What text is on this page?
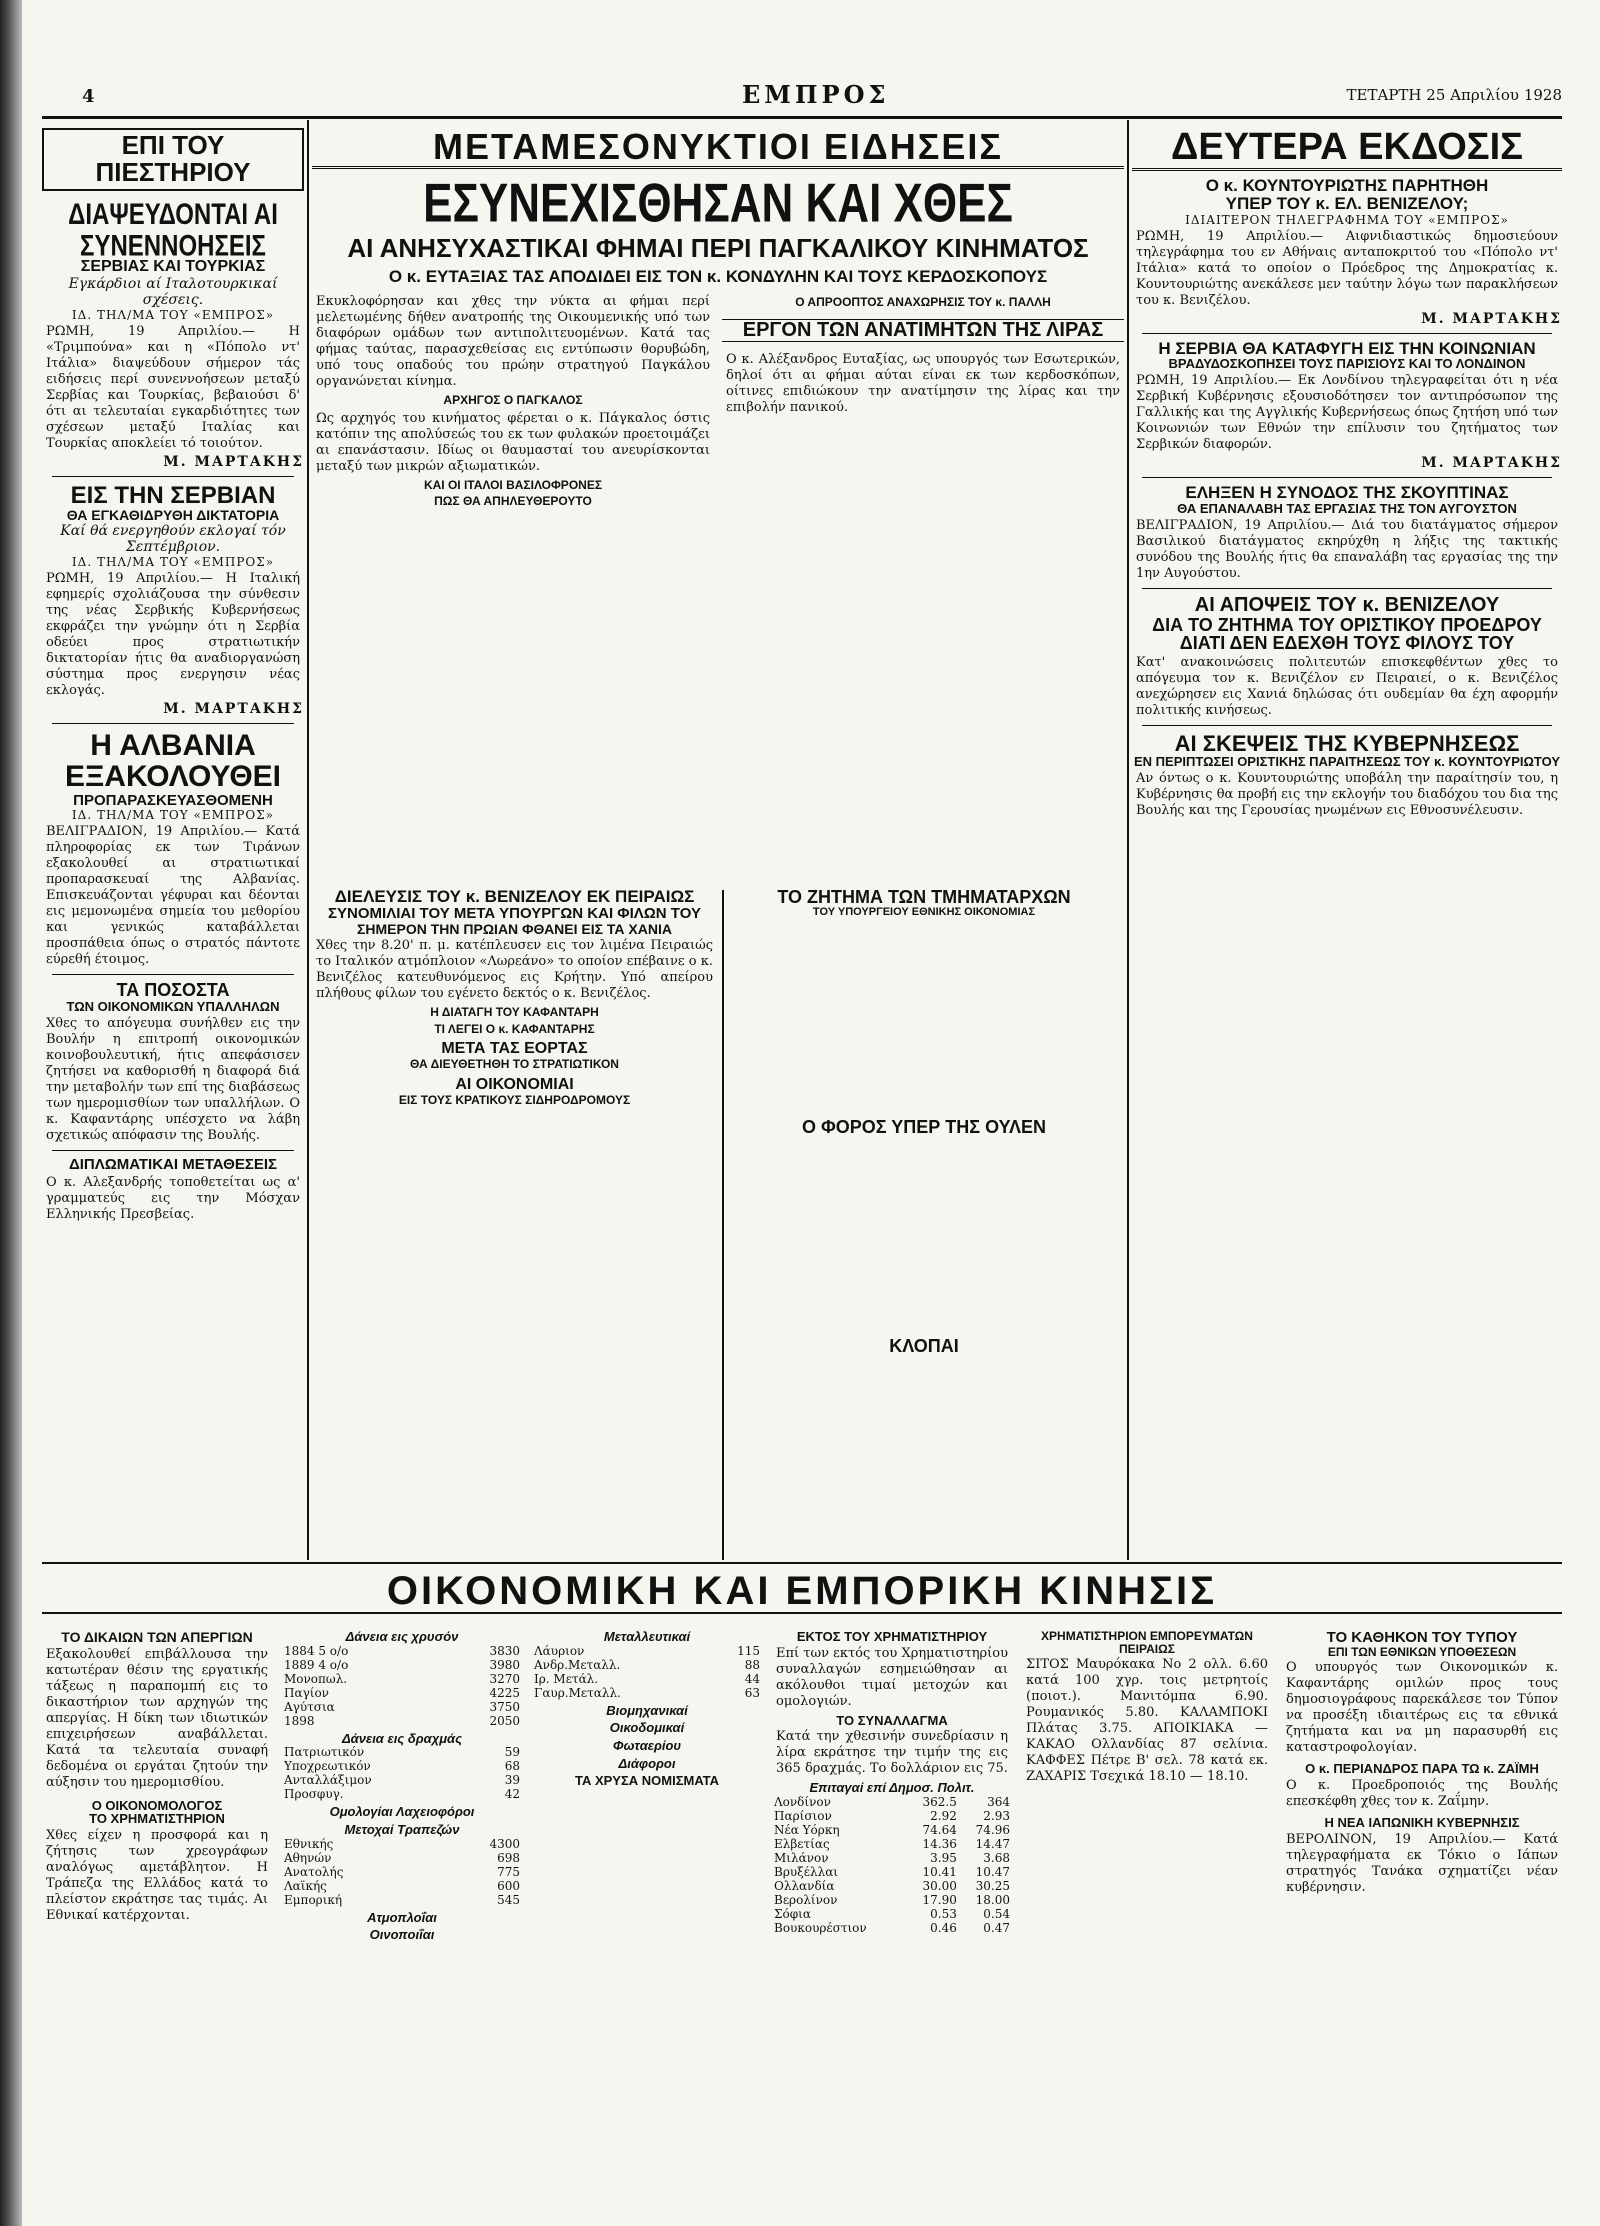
4	ΕΜΠΡΟΣ	ΤΕΤΑΡΤΗ 25 Απριλίου 1928
ΕΠΙ ΤΟΥ ΠΙΕΣΤΗΡΙΟΥ
ΔΙΑΨΕΥΔΟΝΤΑΙ ΑΙ ΣΥΝΕΝΝΟΗΣΕΙΣ
ΣΕΡΒΙΑΣ ΚΑΙ ΤΟΥΡΚΙΑΣ
Εγκάρδιοι αί Ιταλοτουρκικαί σχέσεις.
ΙΔ. ΤΗΛ/ΜΑ ΤΟΥ «ΕΜΠΡΟΣ»
ΡΩΜΗ, 19 Απριλίου.— Η «Τριμπούνα» και η «Πόπολο ντ' Ιτάλια» διαψεύδουν σήμερον τάς ειδήσεις περί συνεννοήσεων μεταξύ Σερβίας και Τουρκίας, βεβαιούσι δ' ότι αι τελευταίαι εγκαρδιότητες των σχέσεων μεταξύ Ιταλίας και Τουρκίας αποκλείει τό τοιούτον.
Μ. ΜΑΡΤΑΚΗΣ
ΕΙΣ ΤΗΝ ΣΕΡΒΙΑΝ
ΘΑ ΕΓΚΑΘΙΔΡΥΘΗ ΔΙΚΤΑΤΟΡΙΑ
Καί θά ενεργηθούν εκλογαί τόν Σεπτέμβριον.
ΙΔ. ΤΗΛ/ΜΑ ΤΟΥ «ΕΜΠΡΟΣ»
ΡΩΜΗ, 19 Απριλίου.— Η Ιταλική εφημερίς σχολιάζουσα την σύνθεσιν της νέας Σερβικής Κυβερνήσεως εκφράζει την γνώμην ότι η Σερβία οδεύει προς στρατιωτικήν δικτατορίαν ήτις θα αναδιοργανώση σύστημα προς ενεργησιν νέας εκλογάς.
Μ. ΜΑΡΤΑΚΗΣ
Η ΑΛΒΑΝΙΑ ΕΞΑΚΟΛΟΥΘΕΙ
ΠΡΟΠΑΡΑΣΚΕΥΑΣΘΟΜΕΝΗ
ΙΔ. ΤΗΛ/ΜΑ ΤΟΥ «ΕΜΠΡΟΣ»
ΒΕΛΙΓΡΑΔΙΟΝ, 19 Απριλίου.— Κατά πληροφορίας εκ των Τιράνων εξακολουθεί αι στρατιωτικαί προπαρασκευαί της Αλβανίας. Επισκευάζονται γέφυραι και δέονται εις μεμονωμένα σημεία του μεθορίου και γενικώς καταβάλλεται προσπάθεια όπως ο στρατός πάντοτε εύρεθή έτοιμος.
ΤΑ ΠΟΣΟΣΤΑ
ΤΩΝ ΟΙΚΟΝΟΜΙΚΩΝ ΥΠΑΛΛΗΛΩΝ
Χθες το απόγευμα συνήλθεν εις την Βουλήν η επιτροπή οικονομικών κοινοβουλευτική, ήτις απεφάσισεν ζητήσει να καθορισθή η διαφορά διά την μεταβολήν των επί της διαβάσεως των ημερομισθίων των υπαλλήλων. Ο κ. Καφαντάρης υπέσχετο να λάβη σχετικώς απόφασιν της Βουλής.
ΔΙΠΛΩΜΑΤΙΚΑΙ ΜΕΤΑΘΕΣΕΙΣ
Ο κ. Αλεξανδρής τοποθετείται ως α' γραμματεύς εις την Μόσχαν Ελληνικής Πρεσβείας.
ΜΕΤΑΜΕΣΟΝΥΚΤΙΟΙ ΕΙΔΗΣΕΙΣ
ΕΣΥΝΕΧΙΣΘΗΣΑΝ ΚΑΙ ΧΘΕΣ
ΑΙ ΑΝΗΣΥΧΑΣΤΙΚΑΙ ΦΗΜΑΙ ΠΕΡΙ ΠΑΓΚΑΛΙΚΟΥ ΚΙΝΗΜΑΤΟΣ
Ο κ. ΕΥΤΑΞΙΑΣ ΤΑΣ ΑΠΟΔΙΔΕΙ ΕΙΣ ΤΟΝ κ. ΚΟΝΔΥΛΗΝ ΚΑΙ ΤΟΥΣ ΚΕΡΔΟΣΚΟΠΟΥΣ
Εκυκλοφόρησαν και χθες την νύκτα αι φήμαι περί μελετωμένης δήθεν ανατροπής της Οικουμενικής υπό των διαφόρων ομάδων των αντιπολιτευομένων. Κατά τας φήμας ταύτας, παρασχεθείσας εις εντύπωσιν θορυβώδη, υπό τους οπαδούς του πρώην στρατηγού Παγκάλου οργανώνεται κίνημα.
ΑΡΧΗΓΟΣ Ο ΠΑΓΚΑΛΟΣ
Ως αρχηγός του κινήματος φέρεται ο κ. Πάγκαλος όστις κατόπιν της απολύσεώς του εκ των φυλακών προετοιμάζει αι επανάστασιν. Ιδίως οι θαυμασταί του ανευρίσκονται μεταξύ των μικρών αξιωματικών.
ΚΑΙ ΟΙ ΙΤΑΛΟΙ ΒΑΣΙΛΟΦΡΟΝΕΣ
ΠΩΣ ΘΑ ΑΠΗΛΕΥΘΕΡΟΥΤΟ
Ο ΑΠΡΟΟΠΤΟΣ ΑΝΑΧΩΡΗΣΙΣ ΤΟΥ κ. ΠΑΛΛΗ
ΕΡΓΟΝ ΤΩΝ ΑΝΑΤΙΜΗΤΩΝ ΤΗΣ ΛΙΡΑΣ
Ο κ. Αλέξανδρος Ευταξίας, ως υπουργός των Εσωτερικών, δηλοί ότι αι φήμαι αύται είναι εκ των κερδοσκόπων, οίτινες επιδιώκουν την ανατίμησιν της λίρας και την επιβολήν πανικού.
ΔΙΕΛΕΥΣΙΣ ΤΟΥ κ. ΒΕΝΙΖΕΛΟΥ ΕΚ ΠΕΙΡΑΙΩΣ
ΣΥΝΟΜΙΛΙΑΙ ΤΟΥ ΜΕΤΑ ΥΠΟΥΡΓΩΝ ΚΑΙ ΦΙΛΩΝ ΤΟΥ
ΣΗΜΕΡΟΝ ΤΗΝ ΠΡΩΙΑΝ ΦΘΑΝΕΙ ΕΙΣ ΤΑ ΧΑΝΙΑ
Χθες την 8.20' π. μ. κατέπλευσεν εις τον λιμένα Πειραιώς το Ιταλικόν ατμόπλοιον «Λωρεάνο» το οποίον επέβαινε ο κ. Βενιζέλος κατευθυνόμενος εις Κρήτην. Υπό απείρου πλήθους φίλων του εγένετο δεκτός ο κ. Βενιζέλος.
Η ΔΙΑΤΑΓΗ ΤΟΥ ΚΑΦΑΝΤΑΡΗ
ΤΙ ΛΕΓΕΙ Ο κ. ΚΑΦΑΝΤΑΡΗΣ
ΜΕΤΑ ΤΑΣ ΕΟΡΤΑΣ
ΘΑ ΔΙΕΥΘΕΤΗΘΗ ΤΟ ΣΤΡΑΤΙΩΤΙΚΟΝ
ΑΙ ΟΙΚΟΝΟΜΙΑΙ
ΕΙΣ ΤΟΥΣ ΚΡΑΤΙΚΟΥΣ ΣΙΔΗΡΟΔΡΟΜΟΥΣ
ΤΟ ΖΗΤΗΜΑ ΤΩΝ ΤΜΗΜΑΤΑΡΧΩΝ
ΤΟΥ ΥΠΟΥΡΓΕΙΟΥ ΕΘΝΙΚΗΣ ΟΙΚΟΝΟΜΙΑΣ
Ο ΦΟΡΟΣ ΥΠΕΡ ΤΗΣ ΟΥΛΕΝ
ΚΛΟΠΑΙ
ΔΕΥΤΕΡΑ ΕΚΔΟΣΙΣ
Ο κ. ΚΟΥΝΤΟΥΡΙΩΤΗΣ ΠΑΡΗΤΗΘΗ
ΥΠΕΡ ΤΟΥ κ. ΕΛ. ΒΕΝΙΖΕΛΟΥ;
ΙΔΙΑΙΤΕΡΟΝ ΤΗΛΕΓΡΑΦΗΜΑ ΤΟΥ «ΕΜΠΡΟΣ»
ΡΩΜΗ, 19 Απριλίου.— Αιφνιδιαστικώς δημοσιεύουν τηλεγράφημα του εν Αθήναις ανταποκριτού του «Πόπολο ντ' Ιτάλια» κατά το οποίον ο Πρόεδρος της Δημοκρατίας κ. Κουντουριώτης ανεκάλεσε μεν ταύτην λόγω των παρακλήσεων του κ. Βενιζέλου.
Μ. ΜΑΡΤΑΚΗΣ
Η ΣΕΡΒΙΑ ΘΑ ΚΑΤΑΦΥΓΗ ΕΙΣ ΤΗΝ ΚΟΙΝΩΝΙΑΝ
ΒΡΑΔΥΔΟΣΚΟΠΗΣΕΙ ΤΟΥΣ ΠΑΡΙΣΙΟΥΣ ΚΑΙ ΤΟ ΛΟΝΔΙΝΟΝ
ΡΩΜΗ, 19 Απριλίου.— Εκ Λονδίνου τηλεγραφείται ότι η νέα Σερβική Κυβέρνησις εξουσιοδότησεν τον αντιπρόσωπον της Γαλλικής και της Αγγλικής Κυβερνήσεως όπως ζητήση υπό των Κοινωνιών των Εθνών την επίλυσιν του ζητήματος των Σερβικών διαφορών.
Μ. ΜΑΡΤΑΚΗΣ
ΕΛΗΞΕΝ Η ΣΥΝΟΔΟΣ ΤΗΣ ΣΚΟΥΠΤΙΝΑΣ
ΘΑ ΕΠΑΝΑΛΑΒΗ ΤΑΣ ΕΡΓΑΣΙΑΣ ΤΗΣ ΤΟΝ ΑΥΓΟΥΣΤΟΝ
ΒΕΛΙΓΡΑΔΙΟΝ, 19 Απριλίου.— Διά του διατάγματος σήμερον Βασιλικού διατάγματος εκηρύχθη η λήξις της τακτικής συνόδου της Βουλής ήτις θα επαναλάβη τας εργασίας της την 1ην Αυγούστου.
ΑΙ ΑΠΟΨΕΙΣ ΤΟΥ κ. ΒΕΝΙΖΕΛΟΥ
ΔΙΑ ΤΟ ΖΗΤΗΜΑ ΤΟΥ ΟΡΙΣΤΙΚΟΥ ΠΡΟΕΔΡΟΥ
ΔΙΑΤΙ ΔΕΝ ΕΔΕΧΘΗ ΤΟΥΣ ΦΙΛΟΥΣ ΤΟΥ
Κατ' ανακοινώσεις πολιτευτών επισκεφθέντων χθες το απόγευμα τον κ. Βενιζέλον εν Πειραιεί, ο κ. Βενιζέλος ανεχώρησεν εις Χανιά δηλώσας ότι ουδεμίαν θα έχη αφορμήν πολιτικής κινήσεως.
ΑΙ ΣΚΕΨΕΙΣ ΤΗΣ ΚΥΒΕΡΝΗΣΕΩΣ
ΕΝ ΠΕΡΙΠΤΩΣΕΙ ΟΡΙΣΤΙΚΗΣ ΠΑΡΑΙΤΗΣΕΩΣ ΤΟΥ κ. ΚΟΥΝΤΟΥΡΙΩΤΟΥ
Αν όντως ο κ. Κουντουριώτης υποβάλη την παραίτησίν του, η Κυβέρνησις θα προβή εις την εκλογήν του διαδόχου του δια της Βουλής και της Γερουσίας ηνωμένων εις Εθνοσυνέλευσιν.
ΟΙΚΟΝΟΜΙΚΗ ΚΑΙ ΕΜΠΟΡΙΚΗ ΚΙΝΗΣΙΣ
ΤΟ ΔΙΚΑΙΩΝ ΤΩΝ ΑΠΕΡΓΙΩΝ
Εξακολουθεί επιβάλλουσα την κατωτέραν θέσιν της εργατικής τάξεως η παραπομπή εις το δικαστήριον των αρχηγών της απεργίας. Η δίκη των ιδιωτικών επιχειρήσεων αναβάλλεται. Κατά τα τελευταία συναφή δεδομένα οι εργάται ζητούν την αύξησιν του ημερομισθίου.
Ο ΟΙΚΟΝΟΜΟΛΟΓΟΣ
ΤΟ ΧΡΗΜΑΤΙΣΤΗΡΙΟΝ
Χθες είχεν η προσφορά και η ζήτησις των χρεογράφων αναλόγως αμετάβλητον. Η Τράπεζα της Ελλάδος κατά το πλείστον εκράτησε τας τιμάς. Αι Εθνικαί κατέρχονται.
Δάνεια εις χρυσόν
1884 5 ο/ο	3830
1889 4 ο/ο	3980
Μονοπωλ.	3270
Παγίον	4225
Αγύτσια	3750
1898	2050
Δάνεια εις δραχμάς
Πατριωτικόν	59
Υποχρεωτικόν	68
Ανταλλάξιμον	39
Προσφυγ.	42
Ομολογίαι Λαχειοφόροι
Μετοχαί Τραπεζών
Εθνικής	4300
Αθηνών	698
Ανατολής	775
Λαϊκής	600
Εμπορική	545
Ατμοπλοΐαι
Οινοποιΐαι
Μεταλλευτικαί
Λάυριον	115
Ανδρ.Μεταλλ.	88
Ιρ. Μετάλ.	44
Γαυρ.Μεταλλ.	63
Βιομηχανικαί
Οικοδομικαί
Φωταερίου
Διάφοροι
ΤΑ ΧΡΥΣΑ ΝΟΜΙΣΜΑΤΑ
ΕΚΤΟΣ ΤΟΥ ΧΡΗΜΑΤΙΣΤΗΡΙΟΥ
Επί των εκτός του Χρηματιστηρίου συναλλαγών εσημειώθησαν αι ακόλουθοι τιμαί μετοχών και ομολογιών.
ΤΟ ΣΥΝΑΛΛΑΓΜΑ
Κατά την χθεσινήν συνεδρίασιν η λίρα εκράτησε την τιμήν της εις 365 δραχμάς. Το δολλάριον εις 75.
Επιταγαί επί Δημοσ. Πολιτ.
Λονδίνον	362.5	364
Παρίσιον	2.92	2.93
Νέα Υόρκη	74.64	74.96
Ελβετίας	14.36	14.47
Μιλάνον	3.95	3.68
Βρυξέλλαι	10.41	10.47
Ολλανδία	30.00	30.25
Βερολίνον	17.90	18.00
Σόφια	0.53	0.54
Βουκουρέστιον	0.46	0.47
ΧΡΗΜΑΤΙΣΤΗΡΙΟΝ ΕΜΠΟΡΕΥΜΑΤΩΝ ΠΕΙΡΑΙΩΣ
ΣΙΤΟΣ Μαυρόκακα Νο 2 ολλ. 6.60 κατά 100 χγρ. τοις μετρητοίς (ποιοτ.). Μανιτόμπα 6.90. Ρουμανικός 5.80. ΚΑΛΑΜΠΟΚΙ Πλάτας 3.75. ΑΠΟΙΚΙΑΚΑ — ΚΑΚΑΟ Ολλανδίας 87 σελίνια. ΚΑΦΦΕΣ Πέτρε Β' σελ. 78 κατά εκ. ΖΑΧΑΡΙΣ Τσεχικά 18.10 — 18.10.
ΤΟ ΚΑΘΗΚΟΝ ΤΟΥ ΤΥΠΟΥ
ΕΠΙ ΤΩΝ ΕΘΝΙΚΩΝ ΥΠΟΘΕΣΕΩΝ
Ο υπουργός των Οικονομικών κ. Καφαντάρης ομιλών προς τους δημοσιογράφους παρεκάλεσε τον Τύπον να προσέξη ιδιαιτέρως εις τα εθνικά ζητήματα και να μη παρασυρθή εις καταστροφολογίαν.
Ο κ. ΠΕΡΙΑΝΔΡΟΣ ΠΑΡΑ ΤΩ κ. ΖΑΪΜΗ
Ο κ. Προεδροποιός της Βουλής επεσκέφθη χθες τον κ. Ζαΐμην.
Η ΝΕΑ ΙΑΠΩΝΙΚΗ ΚΥΒΕΡΝΗΣΙΣ
ΒΕΡΟΛΙΝΟΝ, 19 Απριλίου.— Κατά τηλεγραφήματα εκ Τόκιο ο Ιάπων στρατηγός Τανάκα σχηματίζει νέαν κυβέρνησιν.
